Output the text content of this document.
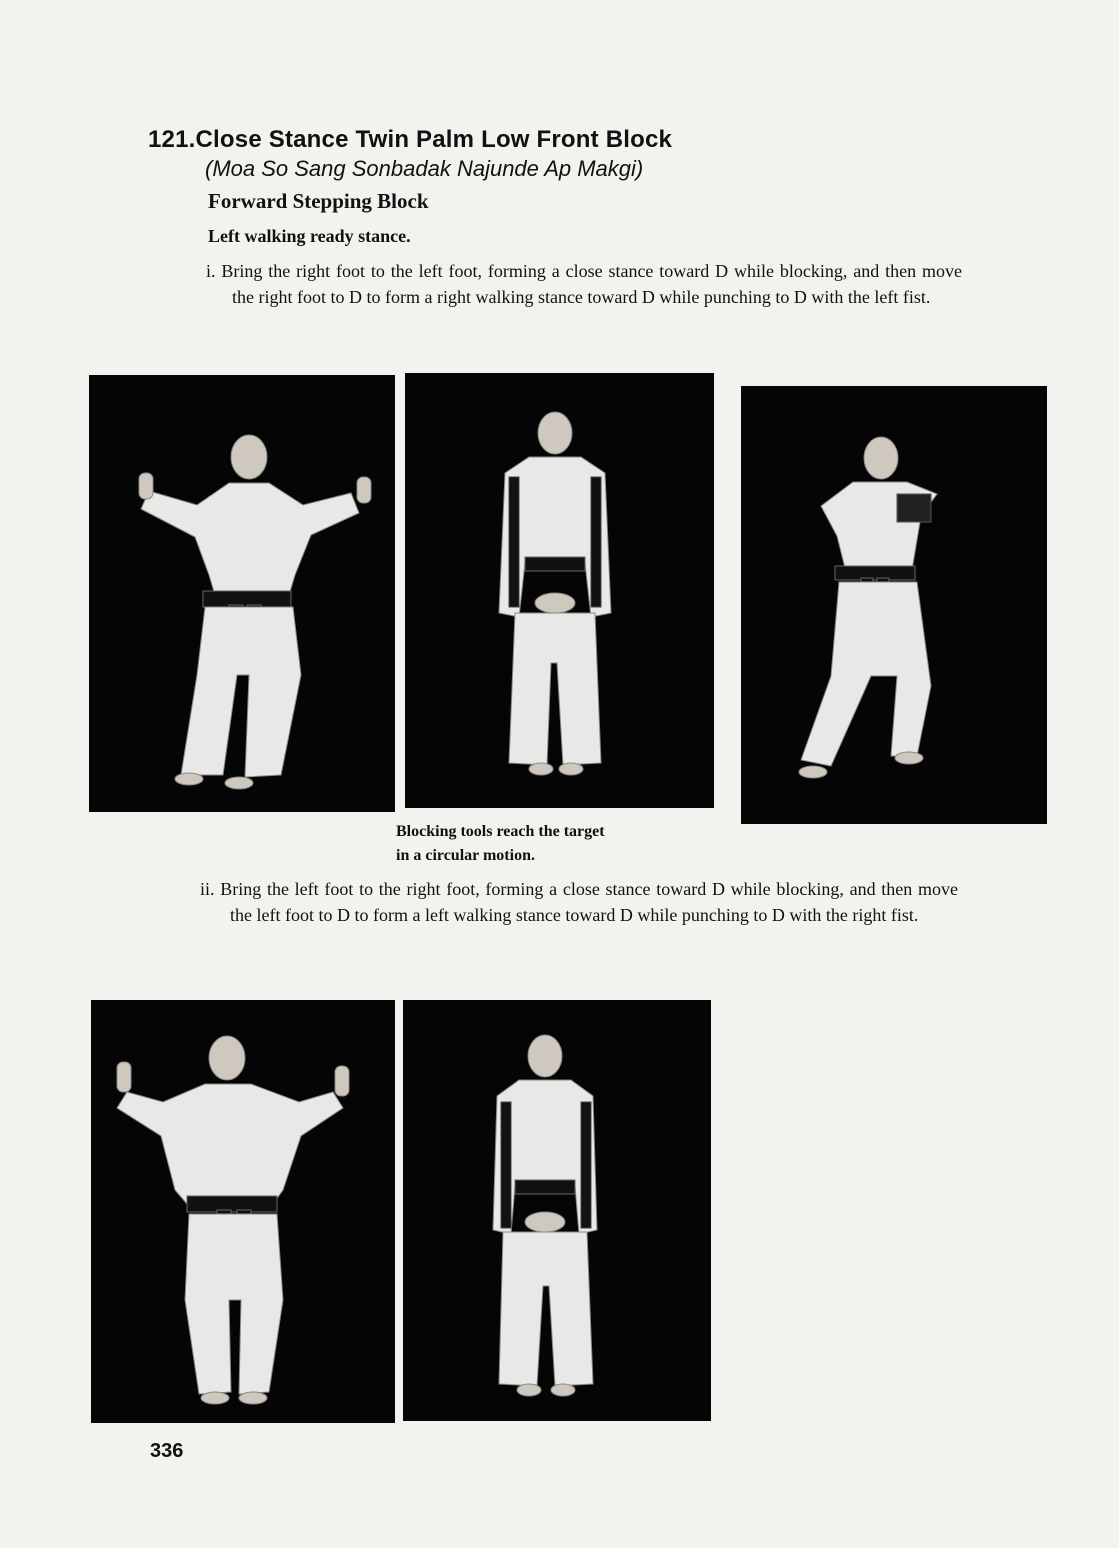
121.Close Stance Twin Palm Low Front Block
(Moa So Sang Sonbadak Najunde Ap Makgi)
Forward Stepping Block
Left walking ready stance.
i. Bring the right foot to the left foot, forming a close stance toward D while blocking, and then move the right foot to D to form a right walking stance toward D while punching to D with the left fist.
Blocking tools reach the target
in a circular motion.
ii. Bring the left foot to the right foot, forming a close stance toward D while blocking, and then move the left foot to D to form a left walking stance toward D while punching to D with the right fist.
336
